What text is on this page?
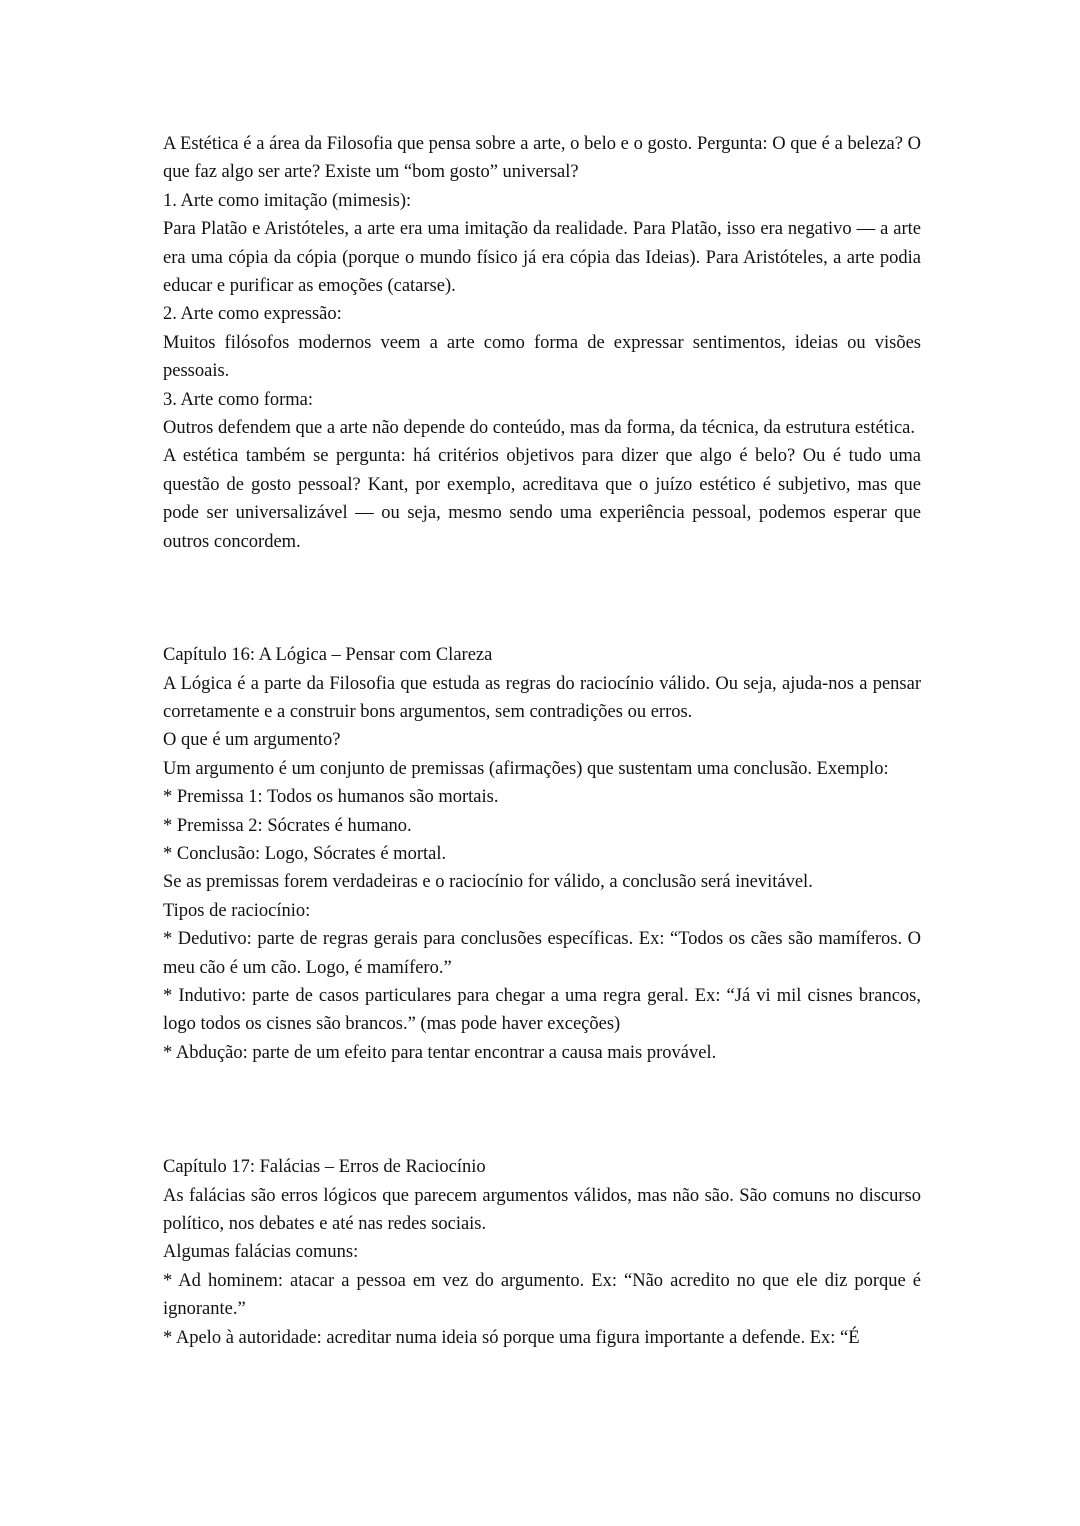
A Estética é a área da Filosofia que pensa sobre a arte, o belo e o gosto. Pergunta: O que é a beleza? O que faz algo ser arte? Existe um “bom gosto” universal?

1. Arte como imitação (mimesis):

Para Platão e Aristóteles, a arte era uma imitação da realidade. Para Platão, isso era negativo — a arte era uma cópia da cópia (porque o mundo físico já era cópia das Ideias). Para Aristóteles, a arte podia educar e purificar as emoções (catarse).

2. Arte como expressão:

Muitos filósofos modernos veem a arte como forma de expressar sentimentos, ideias ou visões pessoais.

3. Arte como forma:

Outros defendem que a arte não depende do conteúdo, mas da forma, da técnica, da estrutura estética.

A estética também se pergunta: há critérios objetivos para dizer que algo é belo? Ou é tudo uma questão de gosto pessoal? Kant, por exemplo, acreditava que o juízo estético é subjetivo, mas que pode ser universalizável — ou seja, mesmo sendo uma experiência pessoal, podemos esperar que outros concordem.

Capítulo 16: A Lógica – Pensar com Clareza

A Lógica é a parte da Filosofia que estuda as regras do raciocínio válido. Ou seja, ajuda-nos a pensar corretamente e a construir bons argumentos, sem contradições ou erros.

O que é um argumento?

Um argumento é um conjunto de premissas (afirmações) que sustentam uma conclusão. Exemplo:

* Premissa 1: Todos os humanos são mortais.

* Premissa 2: Sócrates é humano.

* Conclusão: Logo, Sócrates é mortal.

Se as premissas forem verdadeiras e o raciocínio for válido, a conclusão será inevitável.

Tipos de raciocínio:

* Dedutivo: parte de regras gerais para conclusões específicas. Ex: “Todos os cães são mamíferos. O meu cão é um cão. Logo, é mamífero.”

* Indutivo: parte de casos particulares para chegar a uma regra geral. Ex: “Já vi mil cisnes brancos, logo todos os cisnes são brancos.” (mas pode haver exceções)

* Abdução: parte de um efeito para tentar encontrar a causa mais provável.

Capítulo 17: Falácias – Erros de Raciocínio

As falácias são erros lógicos que parecem argumentos válidos, mas não são. São comuns no discurso político, nos debates e até nas redes sociais.

Algumas falácias comuns:

* Ad hominem: atacar a pessoa em vez do argumento. Ex: “Não acredito no que ele diz porque é ignorante.”

* Apelo à autoridade: acreditar numa ideia só porque uma figura importante a defende. Ex: “É
